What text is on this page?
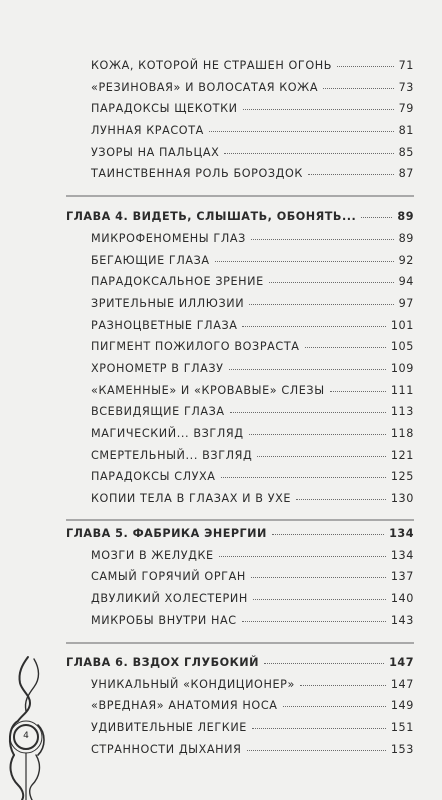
КОЖА, КОТОРОЙ НЕ СТРАШЕН ОГОНЬ	71
«РЕЗИНОВАЯ» И ВОЛОСАТАЯ КОЖА	73
ПАРАДОКСЫ ЩЕКОТКИ	79
ЛУННАЯ КРАСОТА	81
УЗОРЫ НА ПАЛЬЦАХ	85
ТАИНСТВЕННАЯ РОЛЬ БОРОЗДОК	87
ГЛАВА 4. ВИДЕТЬ, СЛЫШАТЬ, ОБОНЯТЬ...	89
МИКРОФЕНОМЕНЫ ГЛАЗ	89
БЕГАЮЩИЕ ГЛАЗА	92
ПАРАДОКСАЛЬНОЕ ЗРЕНИЕ	94
ЗРИТЕЛЬНЫЕ ИЛЛЮЗИИ	97
РАЗНОЦВЕТНЫЕ ГЛАЗА	101
ПИГМЕНТ ПОЖИЛОГО ВОЗРАСТА	105
ХРОНОМЕТР В ГЛАЗУ	109
«КАМЕННЫЕ» И «КРОВАВЫЕ» СЛЕЗЫ	111
ВСЕВИДЯЩИЕ ГЛАЗА	113
МАГИЧЕСКИЙ... ВЗГЛЯД	118
СМЕРТЕЛЬНЫЙ... ВЗГЛЯД	121
ПАРАДОКСЫ СЛУХА	125
КОПИИ ТЕЛА В ГЛАЗАХ И В УХЕ	130
ГЛАВА 5. ФАБРИКА ЭНЕРГИИ	134
МОЗГИ В ЖЕЛУДКЕ	134
САМЫЙ ГОРЯЧИЙ ОРГАН	137
ДВУЛИКИЙ ХОЛЕСТЕРИН	140
МИКРОБЫ ВНУТРИ НАС	143
ГЛАВА 6. ВЗДОХ ГЛУБОКИЙ	147
УНИКАЛЬНЫЙ «КОНДИЦИОНЕР»	147
«ВРЕДНАЯ» АНАТОМИЯ НОСА	149
УДИВИТЕЛЬНЫЕ ЛЕГКИЕ	151
СТРАННОСТИ ДЫХАНИЯ	153
4
